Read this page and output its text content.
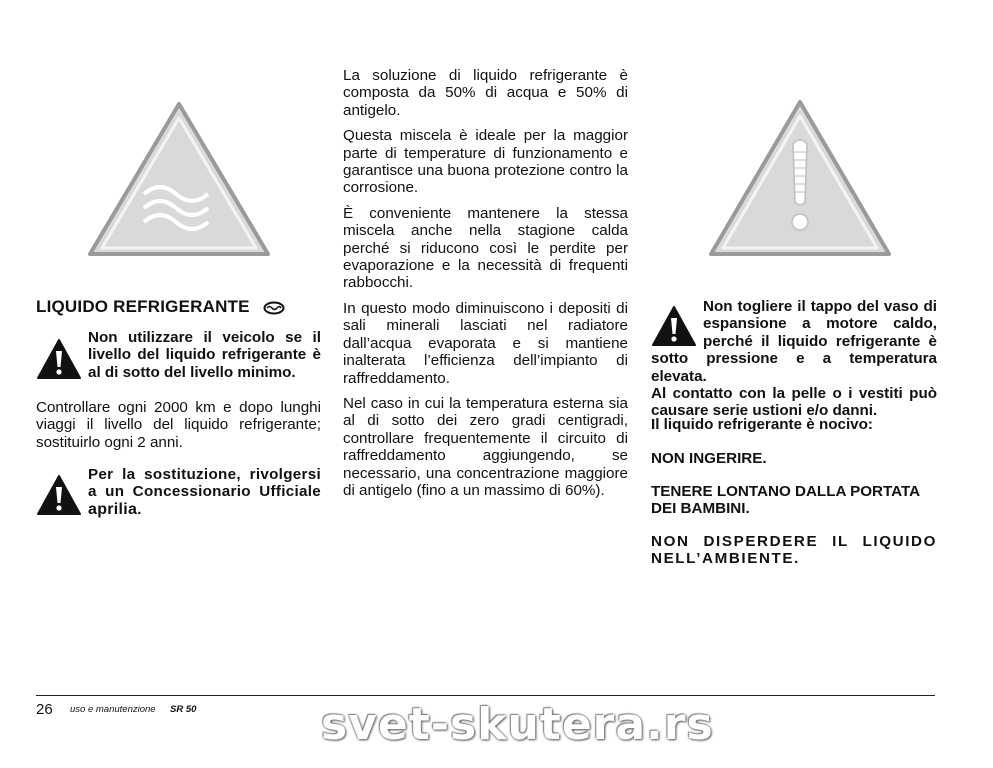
LIQUIDO REFRIGERANTE
Non utilizzare il veicolo se il livello del liquido refrigerante è al di sotto del livello minimo.
Controllare ogni 2000 km e dopo lunghi viaggi il livello del liquido refrigerante; sostituirlo ogni 2 anni.
Per la sostituzione, rivolgersi a un Concessionario Ufficiale aprilia.

La soluzione di liquido refrigerante è composta da 50% di acqua e 50% di antigelo.

Questa miscela è ideale per la maggior parte di temperature di funzionamento e garantisce una buona protezione contro la corrosione.

È conveniente mantenere la stessa miscela anche nella stagione calda perché si riducono così le perdite per evaporazione e la necessità di frequenti rabbocchi.

In questo modo diminuiscono i depositi di sali minerali lasciati nel radiatore dall’acqua evaporata e si mantiene inalterata l’efficienza dell’impianto di raffreddamento.

Nel caso in cui la temperatura esterna sia al di sotto dei zero gradi centigradi, controllare frequentemente il circuito di raffreddamento aggiungendo, se necessario, una concentrazione maggiore di antigelo (fino a un massimo di 60%).

Non togliere il tappo del vaso di espansione a motore caldo, perché il liquido refrigerante è sotto pressione e a temperatura elevata.
Al contatto con la pelle o i vestiti può causare serie ustioni e/o danni.
Il liquido refrigerante è nocivo:
NON INGERIRE.
TENERE LONTANO DALLA PORTATA DEI BAMBINI.
NON DISPERDERE IL LIQUIDO NELL’AMBIENTE.
26 uso e manutenzione SR 50	svet-skutera.rs
